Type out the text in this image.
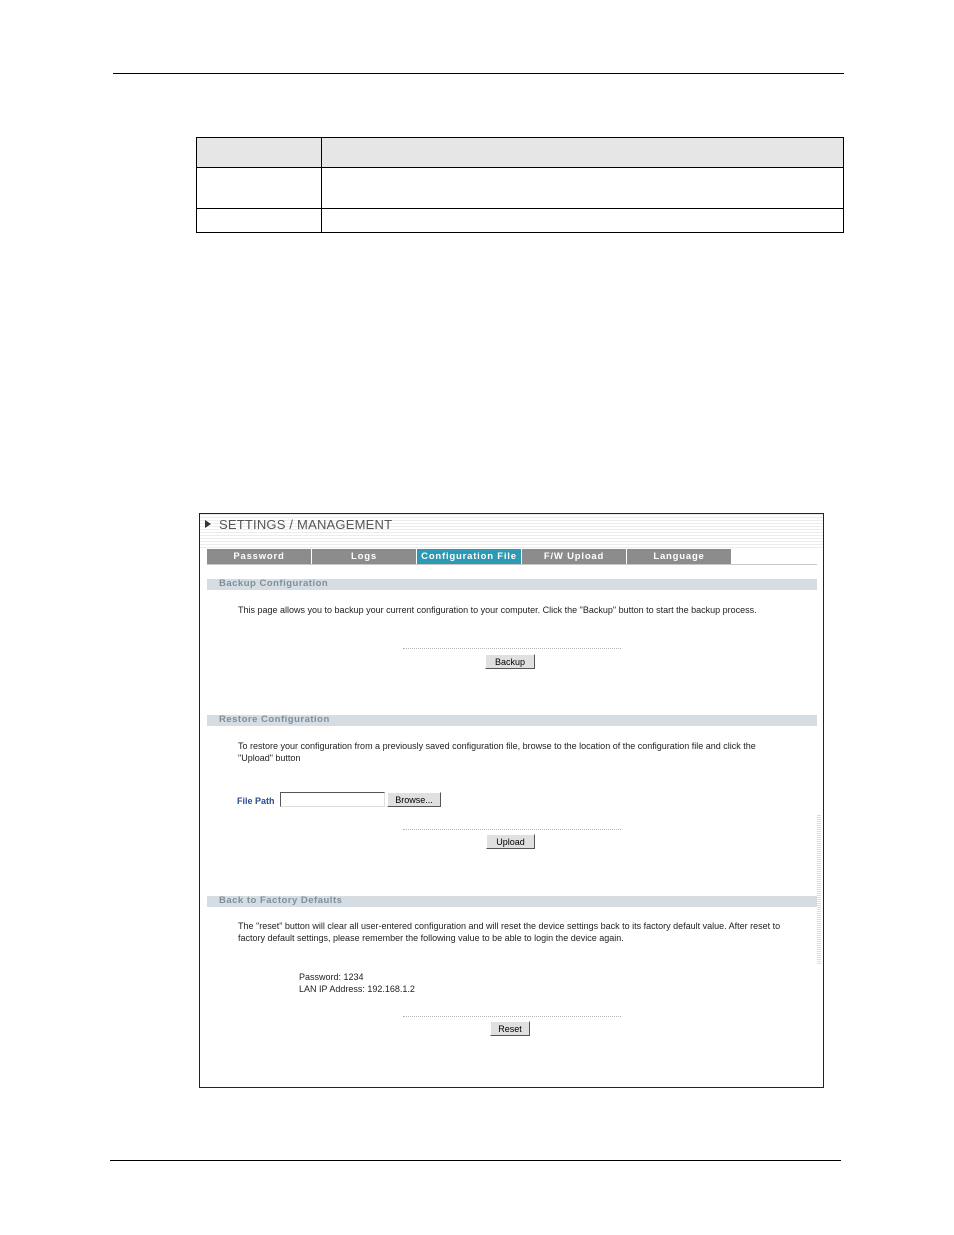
SETTINGS / MANAGEMENT
Password	Logs	Configuration File	F/W Upload	Language
Backup Configuration
This page allows you to backup your current configuration to your computer. Click the "Backup" button to start the backup process.
Backup
Restore Configuration
To restore your configuration from a previously saved configuration file, browse to the location of the configuration file and click the "Upload" button
File Path	Browse...
Upload
Back to Factory Defaults
The "reset" button will clear all user-entered configuration and will reset the device settings back to its factory default value. After reset to factory default settings, please remember the following value to be able to login the device again.
Password: 1234
LAN IP Address: 192.168.1.2
Reset
